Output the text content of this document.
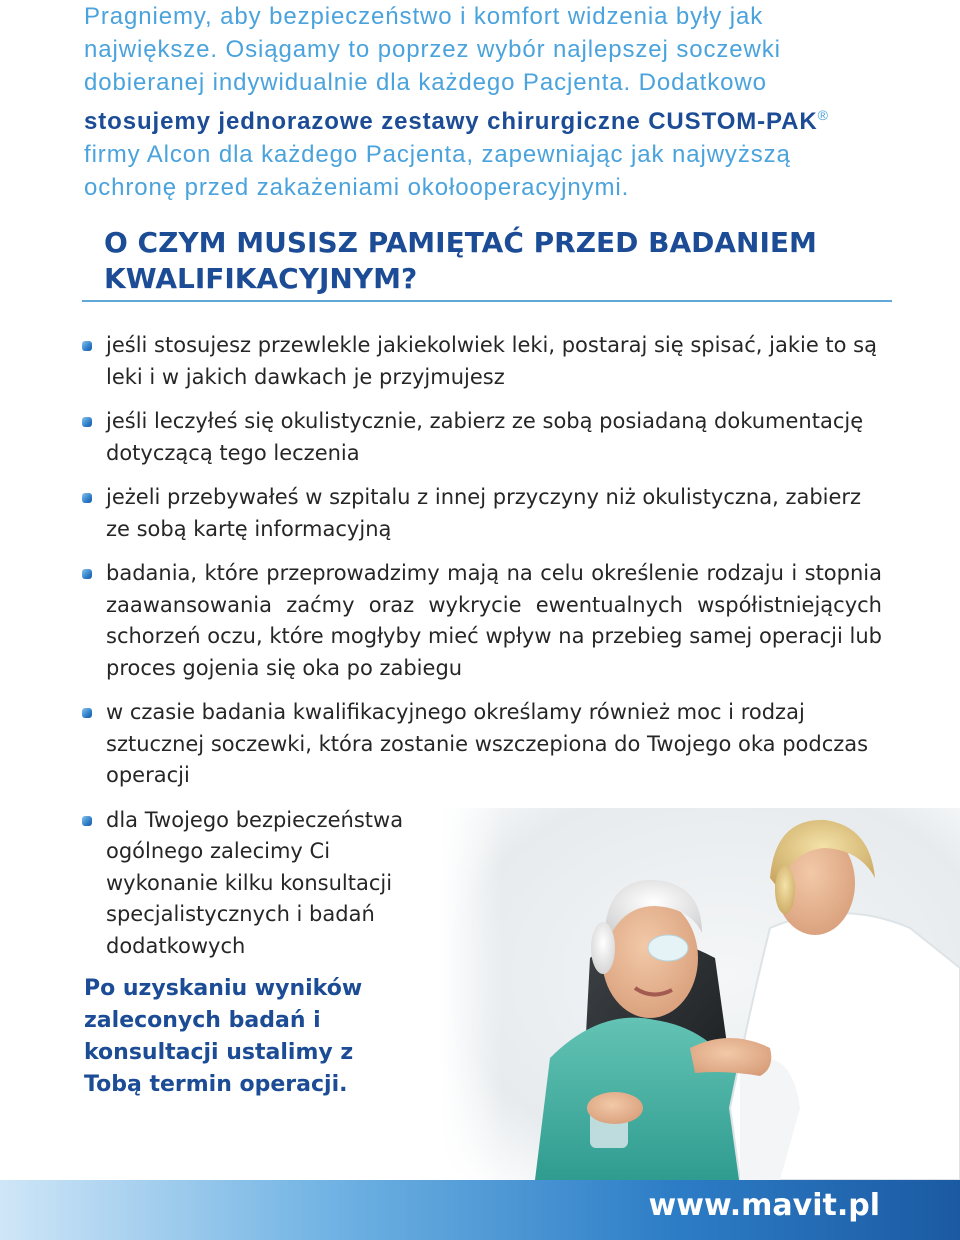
Pragniemy, aby bezpieczeństwo i komfort widzenia były jak największe. Osiągamy to poprzez wybór najlepszej soczewki dobieranej indywidualnie dla każdego Pacjenta. Dodatkowo stosujemy jednorazowe zestawy chirurgiczne CUSTOM-PAK® firmy Alcon dla każdego Pacjenta, zapewniając jak najwyższą ochronę przed zakażeniami okołooperacyjnymi.

O CZYM MUSISZ PAMIĘTAĆ PRZED BADANIEM KWALIFIKACYJNYM?
jeśli stosujesz przewlekle jakiekolwiek leki, postaraj się spisać, jakie to są leki i w jakich dawkach je przyjmujesz
jeśli leczyłeś się okulistycznie, zabierz ze sobą posiadaną dokumentację dotyczącą tego leczenia
jeżeli przebywałeś w szpitalu z innej przyczyny niż okulistyczna, zabierz ze sobą kartę informacyjną
badania, które przeprowadzimy mają na celu określenie rodzaju i stopnia zaawansowania zaćmy oraz wykrycie ewentualnych współistniejących schorzeń oczu, które mogłyby mieć wpływ na przebieg samej operacji lub proces gojenia się oka po zabiegu
w czasie badania kwalifikacyjnego określamy również moc i rodzaj sztucznej soczewki, która zostanie wszczepiona do Twojego oka podczas operacji
dla Twojego bezpieczeństwa ogólnego zalecimy Ci wykonanie kilku konsultacji specjalistycznych i badań dodatkowych

Po uzyskaniu wyników zaleconych badań i konsultacji ustalimy z Tobą termin operacji.

www.mavit.pl
